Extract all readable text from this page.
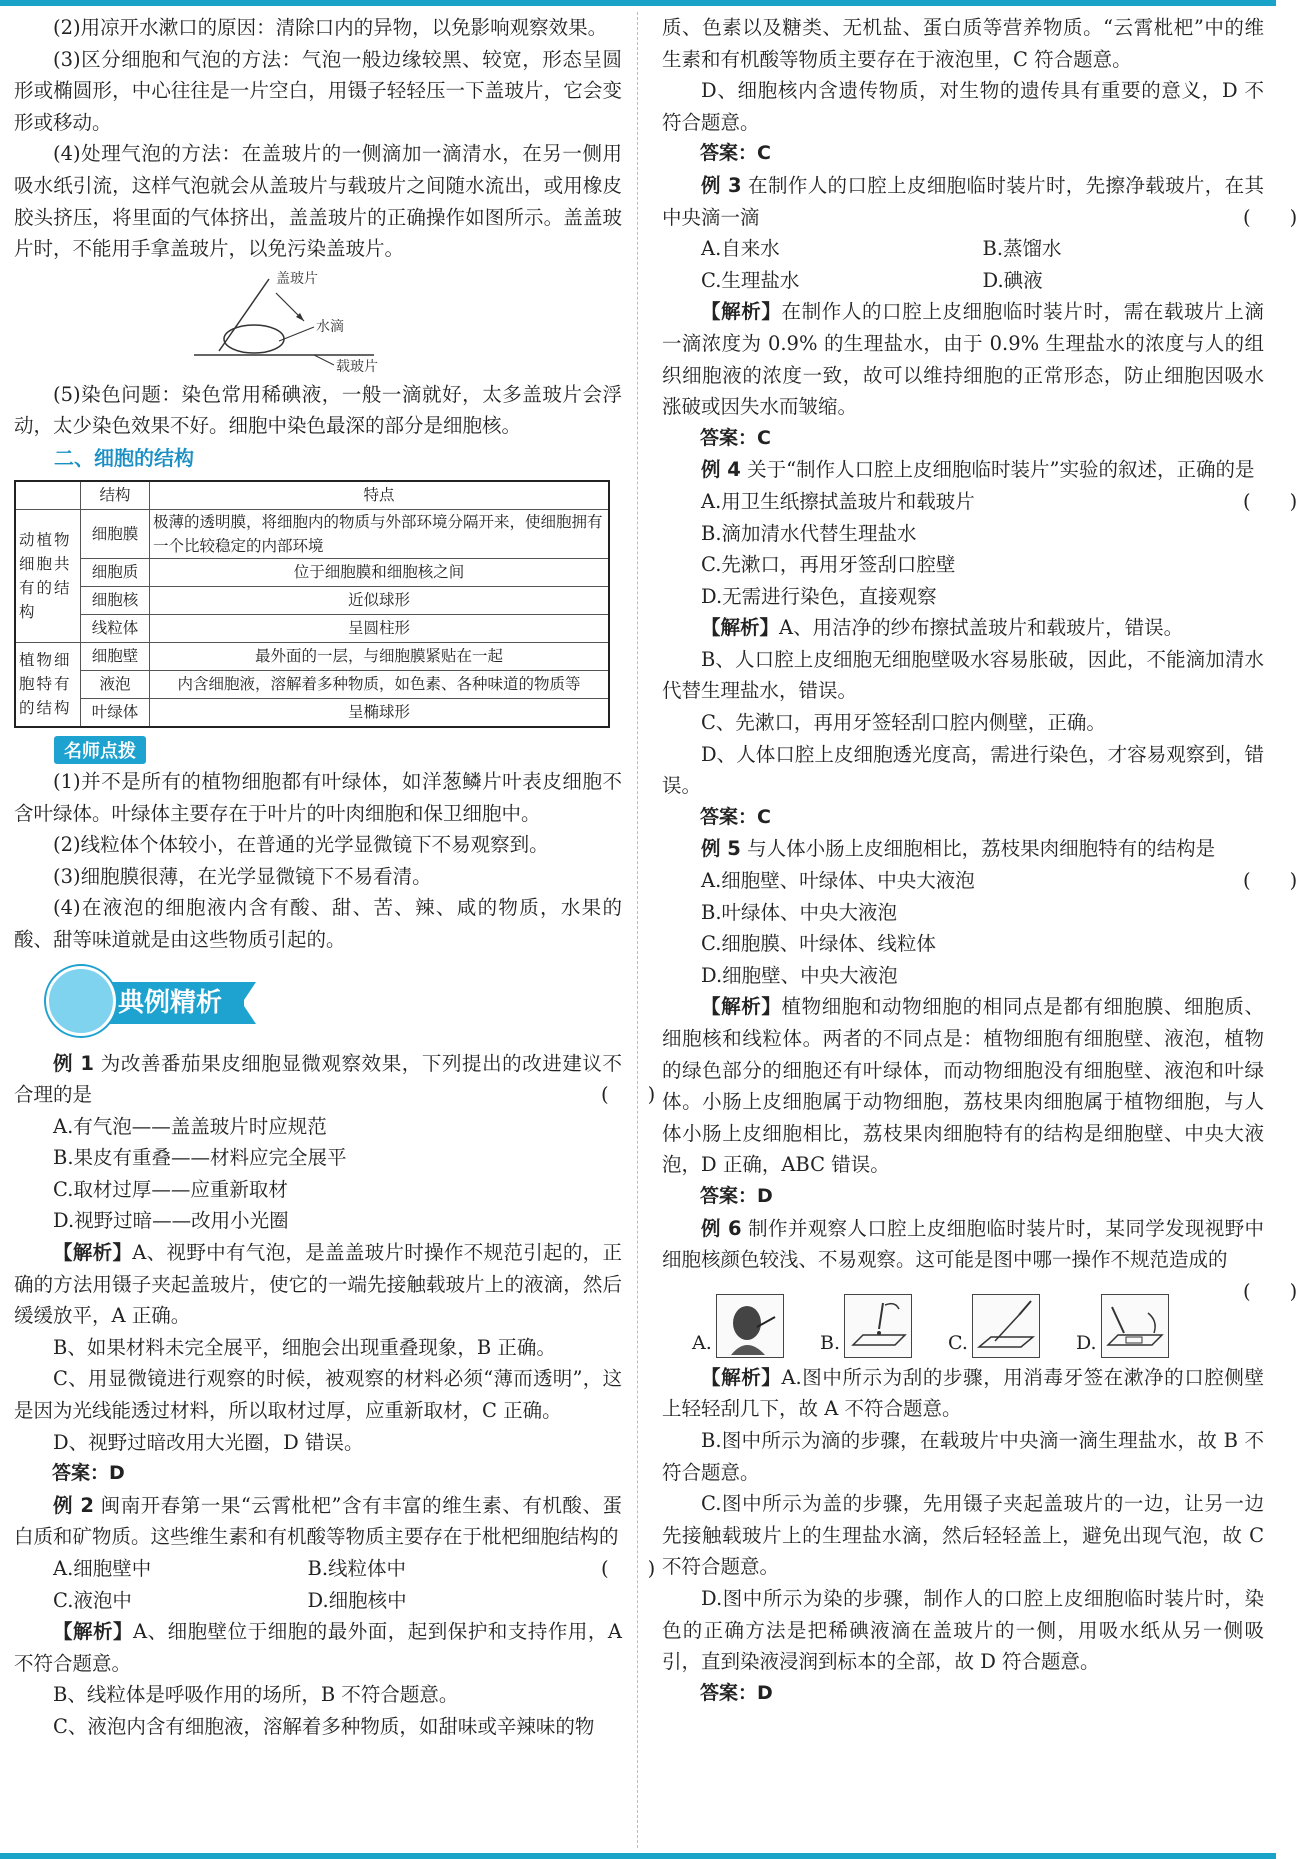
(2)用凉开水漱口的原因：清除口内的异物，以免影响观察效果。

(3)区分细胞和气泡的方法：气泡一般边缘较黑、较宽，形态呈圆形或椭圆形，中心往往是一片空白，用镊子轻轻压一下盖玻片，它会变形或移动。

(4)处理气泡的方法：在盖玻片的一侧滴加一滴清水，在另一侧用吸水纸引流，这样气泡就会从盖玻片与载玻片之间随水流出，或用橡皮胶头挤压，将里面的气体挤出，盖盖玻片的正确操作如图所示。盖盖玻片时，不能用手拿盖玻片，以免污染盖玻片。

盖玻片
水滴
载玻片

(5)染色问题：染色常用稀碘液，一般一滴就好，太多盖玻片会浮动，太少染色效果不好。细胞中染色最深的部分是细胞核。

二、细胞的结构
	结构	特点
动植物细胞共有的结构	细胞膜	极薄的透明膜，将细胞内的物质与外部环境分隔开来，使细胞拥有一个比较稳定的内部环境
	细胞质	位于细胞膜和细胞核之间
	细胞核	近似球形
	线粒体	呈圆柱形
植物细胞特有的结构	细胞壁	最外面的一层，与细胞膜紧贴在一起
	液泡	内含细胞液，溶解着多种物质，如色素、各种味道的物质等
	叶绿体	呈椭球形
名师点拨

(1)并不是所有的植物细胞都有叶绿体，如洋葱鳞片叶表皮细胞不含叶绿体。叶绿体主要存在于叶片的叶肉细胞和保卫细胞中。

(2)线粒体个体较小，在普通的光学显微镜下不易观察到。

(3)细胞膜很薄，在光学显微镜下不易看清。

(4)在液泡的细胞液内含有酸、甜、苦、辣、咸的物质，水果的酸、甜等味道就是由这些物质引起的。

典例精析

例 1 为改善番茄果皮细胞显微观察效果，下列提出的改进建议不合理的是	(　　)

A.有气泡——盖盖玻片时应规范
B.果皮有重叠——材料应完全展平
C.取材过厚——应重新取材
D.视野过暗——改用小光圈

【解析】A、视野中有气泡，是盖盖玻片时操作不规范引起的，正确的方法用镊子夹起盖玻片，使它的一端先接触载玻片上的液滴，然后缓缓放平，A 正确。

B、如果材料未完全展平，细胞会出现重叠现象，B 正确。

C、用显微镜进行观察的时候，被观察的材料必须“薄而透明”，这是因为光线能透过材料，所以取材过厚，应重新取材，C 正确。

D、视野过暗改用大光圈，D 错误。

答案：D

例 2 闽南开春第一果“云霄枇杷”含有丰富的维生素、有机酸、蛋白质和矿物质。这些维生素和有机酸等物质主要存在于枇杷细胞结构的
(　　)

A.细胞壁中	B.线粒体中
C.液泡中	D.细胞核中

【解析】A、细胞壁位于细胞的最外面，起到保护和支持作用，A 不符合题意。

B、线粒体是呼吸作用的场所，B 不符合题意。

C、液泡内含有细胞液，溶解着多种物质，如甜味或辛辣味的物

质、色素以及糖类、无机盐、蛋白质等营养物质。“云霄枇杷”中的维生素和有机酸等物质主要存在于液泡里，C 符合题意。

D、细胞核内含遗传物质，对生物的遗传具有重要的意义，D 不符合题意。

答案：C

例 3 在制作人的口腔上皮细胞临时装片时，先擦净载玻片，在其中央滴一滴	(　　)

A.自来水	B.蒸馏水
C.生理盐水	D.碘液

【解析】在制作人的口腔上皮细胞临时装片时，需在载玻片上滴一滴浓度为 0.9% 的生理盐水，由于 0.9% 生理盐水的浓度与人的组织细胞液的浓度一致，故可以维持细胞的正常形态，防止细胞因吸水涨破或因失水而皱缩。

答案：C

例 4 关于“制作人口腔上皮细胞临时装片”实验的叙述，正确的是
(　　)

A.用卫生纸擦拭盖玻片和载玻片
B.滴加清水代替生理盐水
C.先漱口，再用牙签刮口腔壁
D.无需进行染色，直接观察

【解析】A、用洁净的纱布擦拭盖玻片和载玻片，错误。

B、人口腔上皮细胞无细胞壁吸水容易胀破，因此，不能滴加清水代替生理盐水，错误。

C、先漱口，再用牙签轻刮口腔内侧壁，正确。

D、人体口腔上皮细胞透光度高，需进行染色，才容易观察到，错误。

答案：C

例 5 与人体小肠上皮细胞相比，荔枝果肉细胞特有的结构是
(　　)

A.细胞壁、叶绿体、中央大液泡
B.叶绿体、中央大液泡
C.细胞膜、叶绿体、线粒体
D.细胞壁、中央大液泡

【解析】植物细胞和动物细胞的相同点是都有细胞膜、细胞质、细胞核和线粒体。两者的不同点是：植物细胞有细胞壁、液泡，植物的绿色部分的细胞还有叶绿体，而动物细胞没有细胞壁、液泡和叶绿体。小肠上皮细胞属于动物细胞，荔枝果肉细胞属于植物细胞，与人体小肠上皮细胞相比，荔枝果肉细胞特有的结构是细胞壁、中央大液泡，D 正确，ABC 错误。

答案：D

例 6 制作并观察人口腔上皮细胞临时装片时，某同学发现视野中细胞核颜色较浅、不易观察。这可能是图中哪一操作不规范造成的
(　　)

A.	B.	C.	D.

【解析】A.图中所示为刮的步骤，用消毒牙签在漱净的口腔侧壁上轻轻刮几下，故 A 不符合题意。

B.图中所示为滴的步骤，在载玻片中央滴一滴生理盐水，故 B 不符合题意。

C.图中所示为盖的步骤，先用镊子夹起盖玻片的一边，让另一边先接触载玻片上的生理盐水滴，然后轻轻盖上，避免出现气泡，故 C 不符合题意。

D.图中所示为染的步骤，制作人的口腔上皮细胞临时装片时，染色的正确方法是把稀碘液滴在盖玻片的一侧，用吸水纸从另一侧吸引，直到染液浸润到标本的全部，故 D 符合题意。

答案：D
